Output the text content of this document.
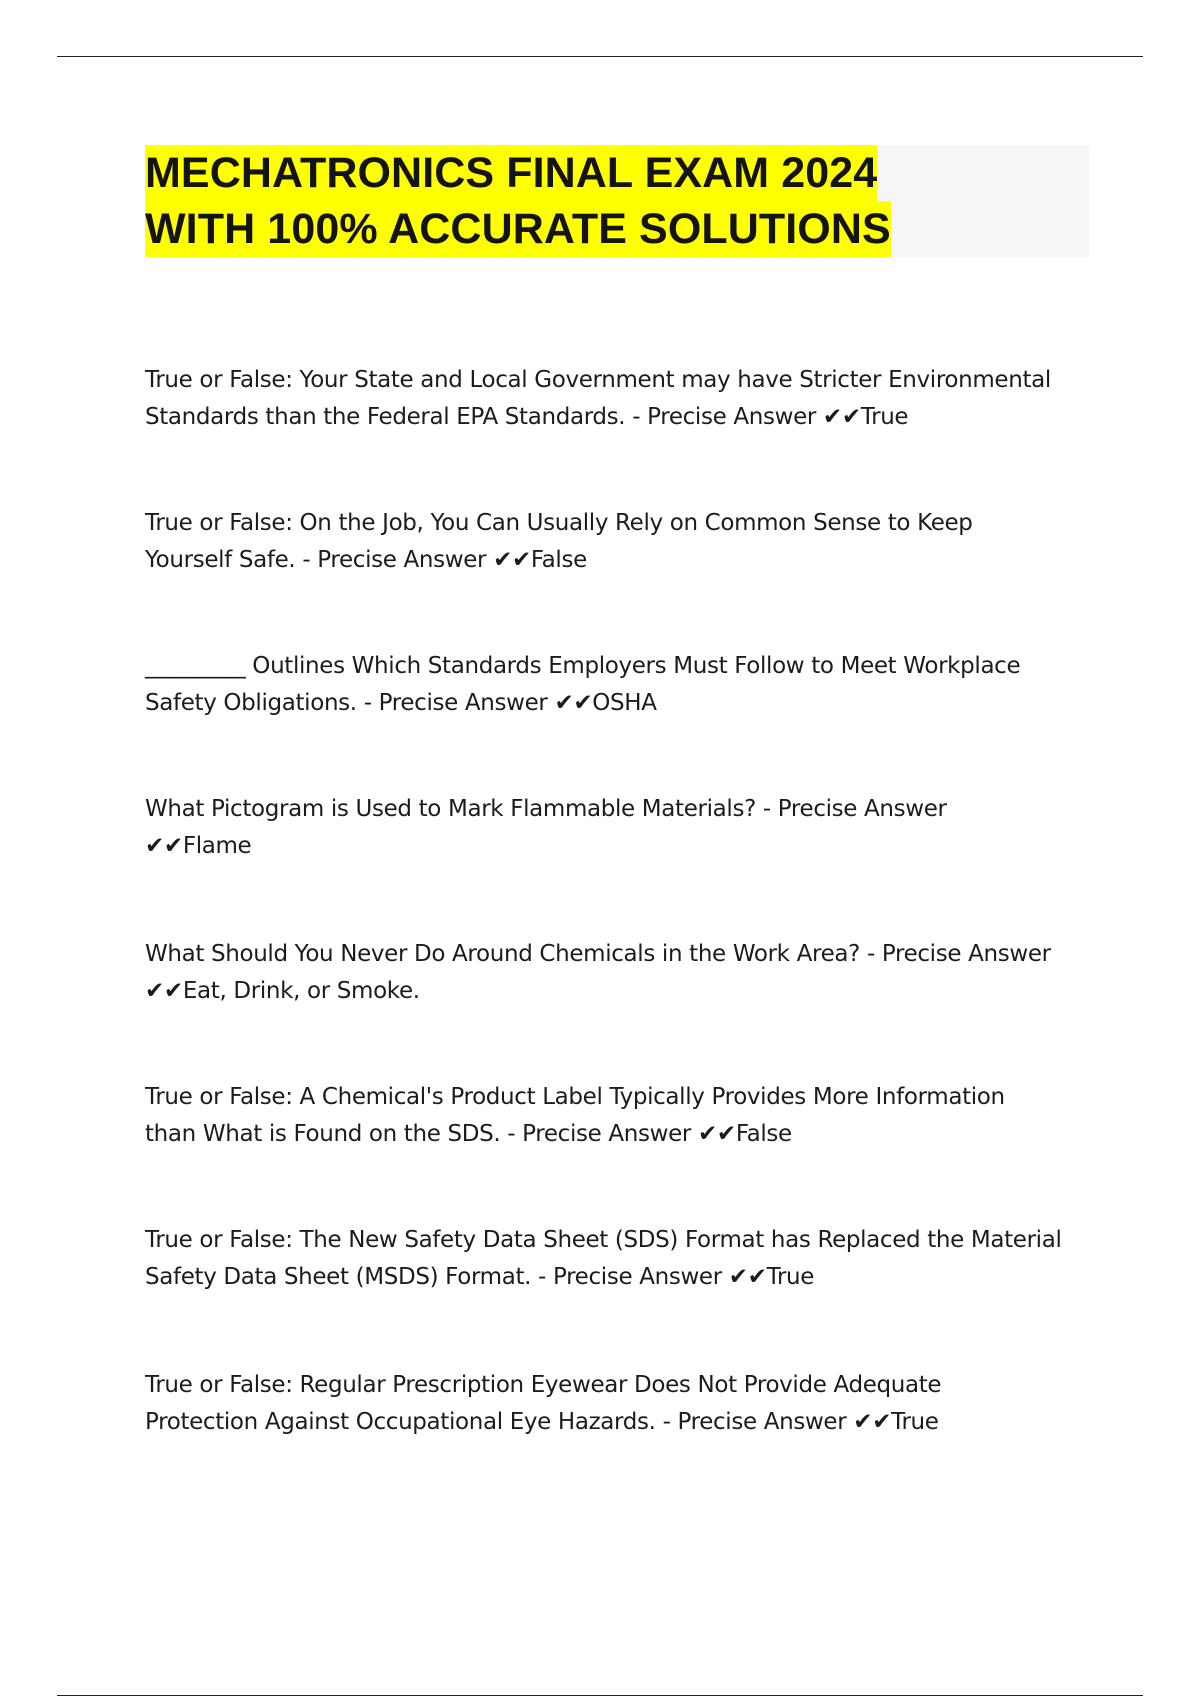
MECHATRONICS FINAL EXAM 2024
WITH 100% ACCURATE SOLUTIONS
True or False: Your State and Local Government may have Stricter Environmental
Standards than the Federal EPA Standards. - Precise Answer ✔✔True
True or False: On the Job, You Can Usually Rely on Common Sense to Keep
Yourself Safe. - Precise Answer ✔✔False
_________ Outlines Which Standards Employers Must Follow to Meet Workplace
Safety Obligations. - Precise Answer ✔✔OSHA
What Pictogram is Used to Mark Flammable Materials? - Precise Answer
✔✔Flame
What Should You Never Do Around Chemicals in the Work Area? - Precise Answer
✔✔Eat, Drink, or Smoke.
True or False: A Chemical's Product Label Typically Provides More Information
than What is Found on the SDS. - Precise Answer ✔✔False
True or False: The New Safety Data Sheet (SDS) Format has Replaced the Material
Safety Data Sheet (MSDS) Format. - Precise Answer ✔✔True
True or False: Regular Prescription Eyewear Does Not Provide Adequate
Protection Against Occupational Eye Hazards. - Precise Answer ✔✔True
